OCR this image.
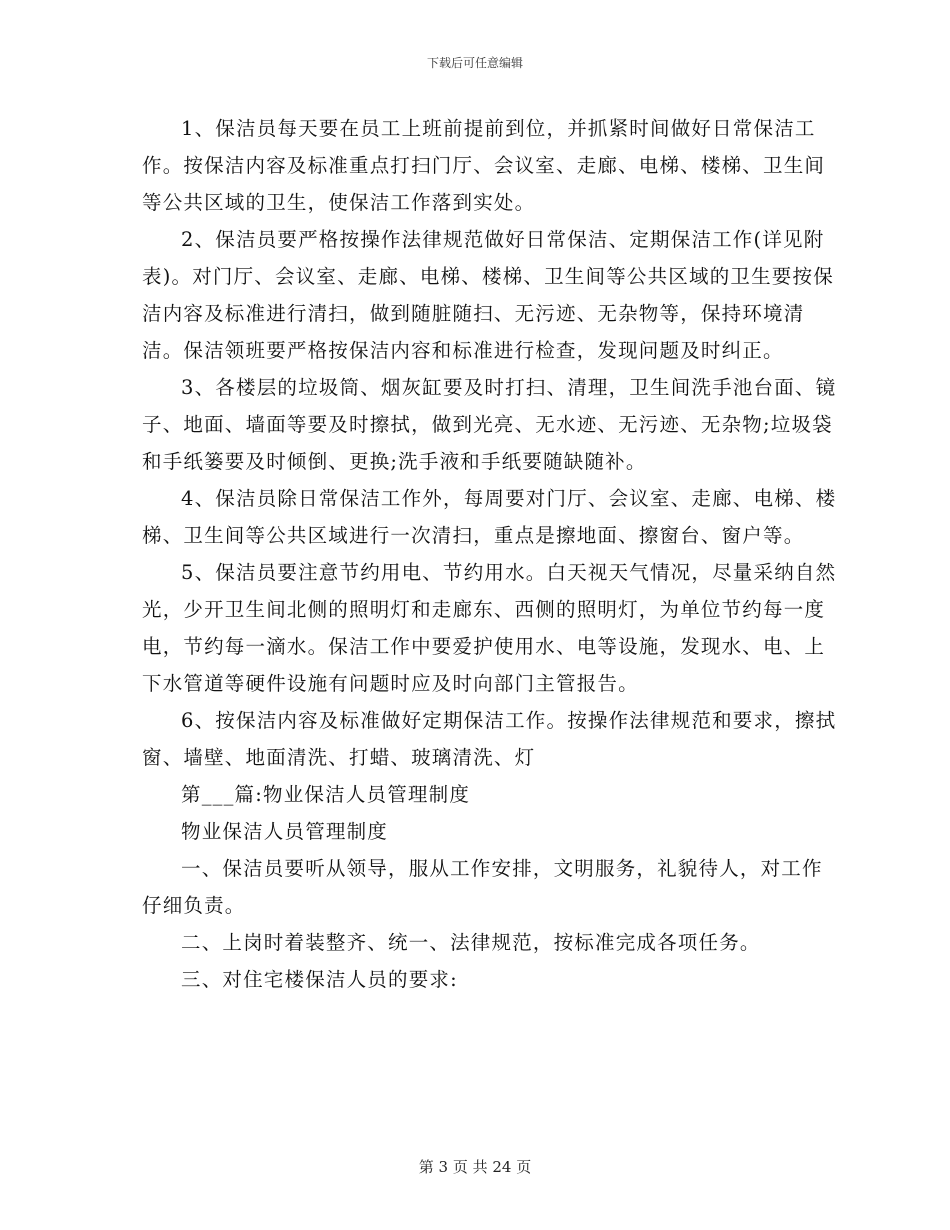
下载后可任意编辑

1、保洁员每天要在员工上班前提前到位，并抓紧时间做好日常保洁工作。按保洁内容及标准重点打扫门厅、会议室、走廊、电梯、楼梯、卫生间等公共区域的卫生，使保洁工作落到实处。

2、保洁员要严格按操作法律规范做好日常保洁、定期保洁工作(详见附表)。对门厅、会议室、走廊、电梯、楼梯、卫生间等公共区域的卫生要按保洁内容及标准进行清扫，做到随脏随扫、无污迹、无杂物等，保持环境清洁。保洁领班要严格按保洁内容和标准进行检查，发现问题及时纠正。

3、各楼层的垃圾筒、烟灰缸要及时打扫、清理，卫生间洗手池台面、镜子、地面、墙面等要及时擦拭，做到光亮、无水迹、无污迹、无杂物;垃圾袋和手纸篓要及时倾倒、更换;洗手液和手纸要随缺随补。

4、保洁员除日常保洁工作外，每周要对门厅、会议室、走廊、电梯、楼梯、卫生间等公共区域进行一次清扫，重点是擦地面、擦窗台、窗户等。

5、保洁员要注意节约用电、节约用水。白天视天气情况，尽量采纳自然光，少开卫生间北侧的照明灯和走廊东、西侧的照明灯，为单位节约每一度电，节约每一滴水。保洁工作中要爱护使用水、电等设施，发现水、电、上下水管道等硬件设施有问题时应及时向部门主管报告。

6、按保洁内容及标准做好定期保洁工作。按操作法律规范和要求，擦拭窗、墙壁、地面清洗、打蜡、玻璃清洗、灯

第___篇:物业保洁人员管理制度

物业保洁人员管理制度

一、保洁员要听从领导，服从工作安排，文明服务，礼貌待人，对工作仔细负责。

二、上岗时着装整齐、统一、法律规范，按标准完成各项任务。

三、对住宅楼保洁人员的要求:

第 3 页 共 24 页
